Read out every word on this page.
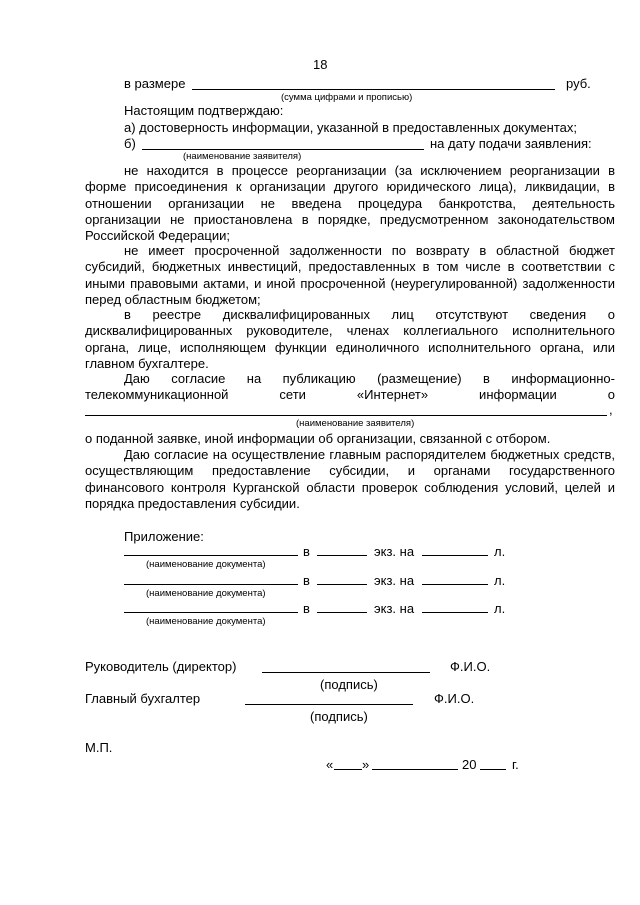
18
в размере	руб.
(сумма цифрами и прописью)
Настоящим подтверждаю:
а) достоверность информации, указанной в предоставленных документах;
б)	на дату подачи заявления:
(наименование заявителя)
не находится в процессе реорганизации (за исключением реорганизации в форме присоединения к организации другого юридического лица), ликвидации, в отношении организации не введена процедура банкротства, деятельность организации не приостановлена в порядке, предусмотренном законодательством Российской Федерации;
не имеет просроченной задолженности по возврату в областной бюджет субсидий, бюджетных инвестиций, предоставленных в том числе в соответствии с иными правовыми актами, и иной просроченной (неурегулированной) задолженности перед областным бюджетом;
в реестре дисквалифицированных лиц отсутствуют сведения о дисквалифицированных руководителе, членах коллегиального исполнительного органа, лице, исполняющем функции единоличного исполнительного органа, или главном бухгалтере.
Даю согласие на публикацию (размещение) в информационно-телекоммуникационной сети «Интернет» информации о
,
(наименование заявителя)
о поданной заявке, иной информации об организации, связанной с отбором.
Даю согласие на осуществление главным распорядителем бюджетных средств, осуществляющим предоставление субсидии, и органами государственного финансового контроля Курганской области проверок соблюдения условий, целей и порядка предоставления субсидии.
Приложение:
в	экз. на	л.
(наименование документа)
в	экз. на	л.
(наименование документа)
в	экз. на	л.
(наименование документа)
Руководитель (директор)	Ф.И.О.
(подпись)
Главный бухгалтер	Ф.И.О.
(подпись)
М.П.
« »	20	г.
